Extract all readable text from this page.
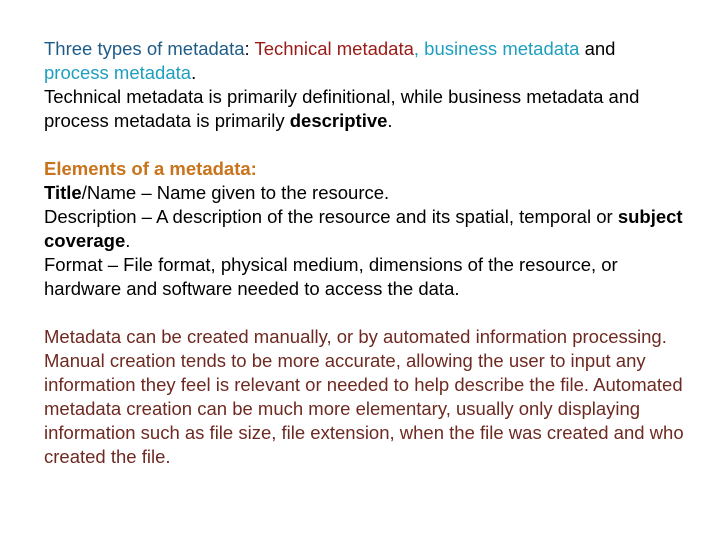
Three types of metadata: Technical metadata, business metadata and
process metadata.
Technical metadata is primarily definitional, while business metadata and process metadata is primarily descriptive.

Elements of a metadata:
Title/Name – Name given to the resource.
Description – A description of the resource and its spatial, temporal or subject coverage.
Format – File format, physical medium, dimensions of the resource, or hardware and software needed to access the data.

Metadata can be created manually, or by automated information processing. Manual creation tends to be more accurate, allowing the user to input any information they feel is relevant or needed to help describe the file. Automated metadata creation can be much more elementary, usually only displaying information such as file size, file extension, when the file was created and who created the file.
